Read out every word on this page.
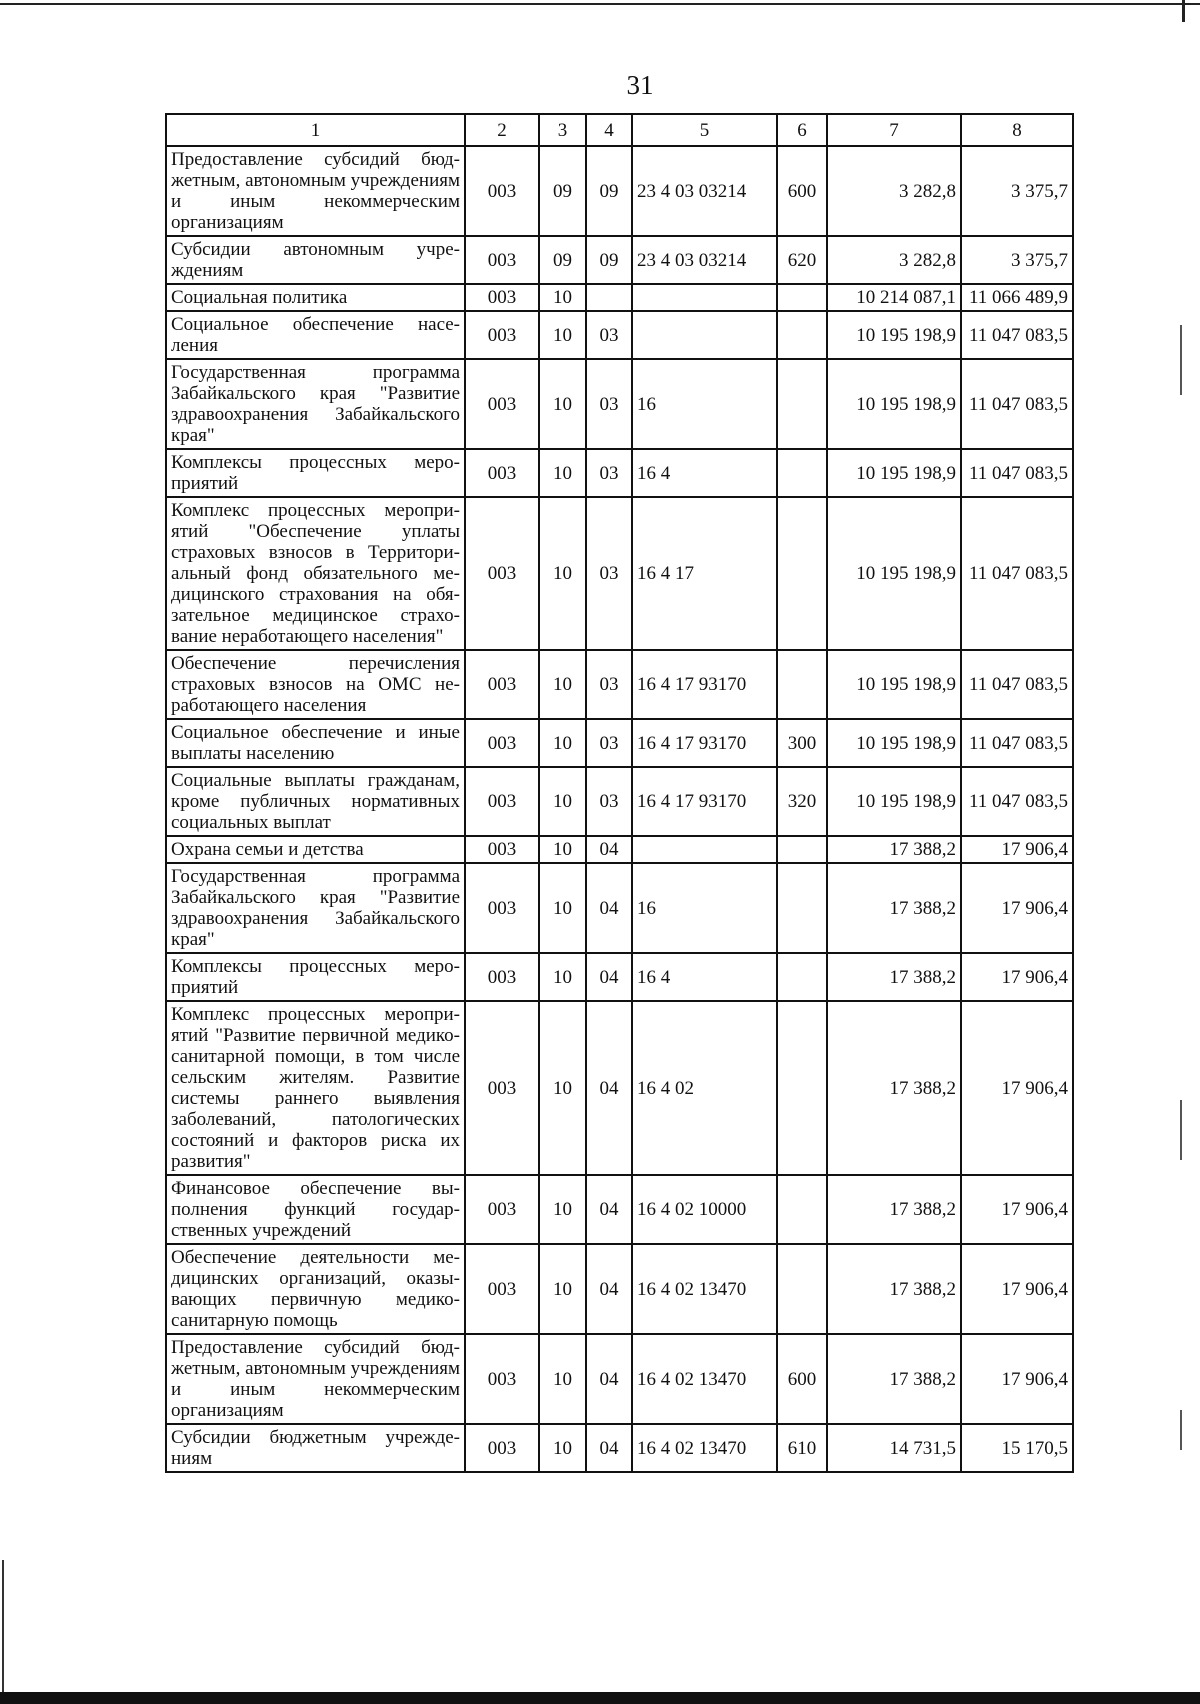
31
1	2	3	4	5	6	7	8
Предоставление субсидий бюджетным, автономным учреждениям и иным некоммерческим организациям	003	09	09	23 4 03 03214	600	3 282,8	3 375,7
Субсидии автономным учреждениям	003	09	09	23 4 03 03214	620	3 282,8	3 375,7
Социальная политика	003	10				10 214 087,1	11 066 489,9
Социальное обеспечение населения	003	10	03			10 195 198,9	11 047 083,5
Государственная программа Забайкальского края "Развитие здравоохранения Забайкальского края"	003	10	03	16		10 195 198,9	11 047 083,5
Комплексы процессных мероприятий	003	10	03	16 4		10 195 198,9	11 047 083,5
Комплекс процессных мероприятий "Обеспечение уплаты страховых взносов в Территориальный фонд обязательного медицинского страхования на обязательное медицинское страхование неработающего населения"	003	10	03	16 4 17		10 195 198,9	11 047 083,5
Обеспечение перечисления страховых взносов на ОМС неработающего населения	003	10	03	16 4 17 93170		10 195 198,9	11 047 083,5
Социальное обеспечение и иные выплаты населению	003	10	03	16 4 17 93170	300	10 195 198,9	11 047 083,5
Социальные выплаты гражданам, кроме публичных нормативных социальных выплат	003	10	03	16 4 17 93170	320	10 195 198,9	11 047 083,5
Охрана семьи и детства	003	10	04			17 388,2	17 906,4
Государственная программа Забайкальского края "Развитие здравоохранения Забайкальского края"	003	10	04	16		17 388,2	17 906,4
Комплексы процессных мероприятий	003	10	04	16 4		17 388,2	17 906,4
Комплекс процессных мероприятий "Развитие первичной медико-санитарной помощи, в том числе сельским жителям. Развитие системы раннего выявления заболеваний, патологических состояний и факторов риска их развития"	003	10	04	16 4 02		17 388,2	17 906,4
Финансовое обеспечение выполнения функций государственных учреждений	003	10	04	16 4 02 10000		17 388,2	17 906,4
Обеспечение деятельности медицинских организаций, оказывающих первичную медико-санитарную помощь	003	10	04	16 4 02 13470		17 388,2	17 906,4
Предоставление субсидий бюджетным, автономным учреждениям и иным некоммерческим организациям	003	10	04	16 4 02 13470	600	17 388,2	17 906,4
Субсидии бюджетным учреждениям	003	10	04	16 4 02 13470	610	14 731,5	15 170,5
